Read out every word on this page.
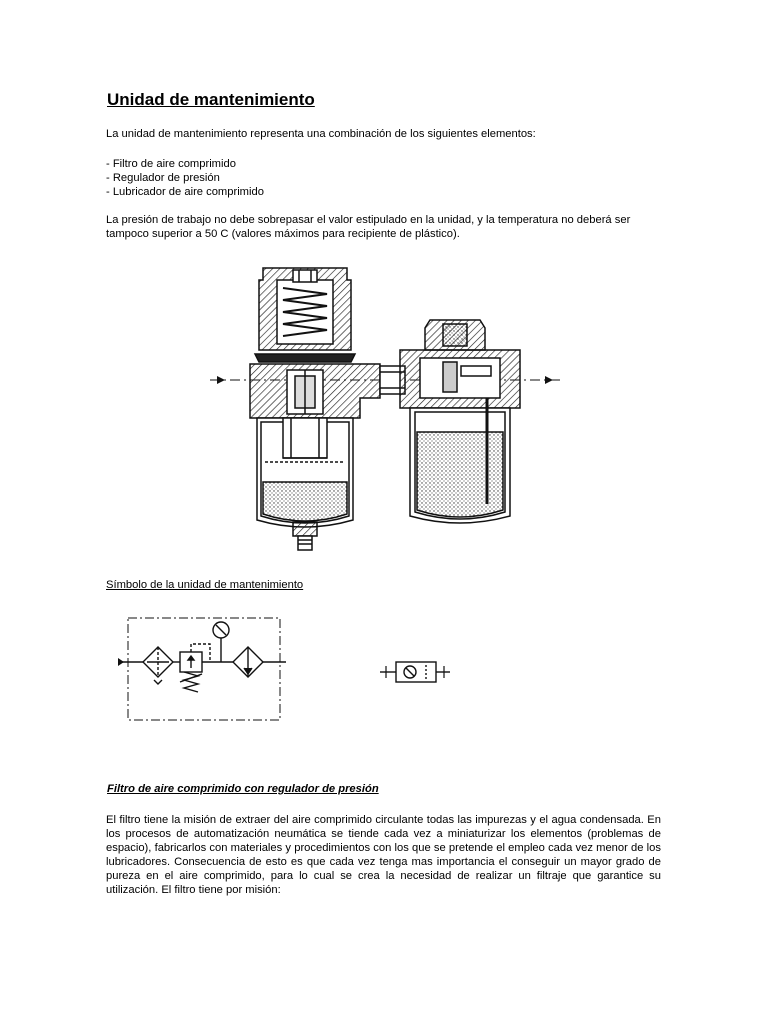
Unidad de mantenimiento
La unidad de mantenimiento representa una combinación de los siguientes elementos:
- Filtro de aire comprimido
- Regulador de presión
- Lubricador de aire comprimido
La presión de trabajo no debe sobrepasar el valor estipulado en la unidad, y la temperatura no deberá ser tampoco superior a 50 C (valores máximos para recipiente de plástico).
Símbolo de la unidad de mantenimiento
Filtro de aire comprimido con regulador de presión
El filtro tiene la misión de extraer del aire comprimido circulante todas las impurezas y el agua condensada. En los procesos de automatización neumática se tiende cada vez a miniaturizar los elementos (problemas de espacio), fabricarlos con materiales y procedimientos con los que se pretende el empleo cada vez menor de los lubricadores. Consecuencia de esto es que cada vez tenga mas importancia el conseguir un mayor grado de pureza en el aire comprimido, para lo cual se crea la necesidad de realizar un filtraje que garantice su utilización. El filtro tiene por misión:
